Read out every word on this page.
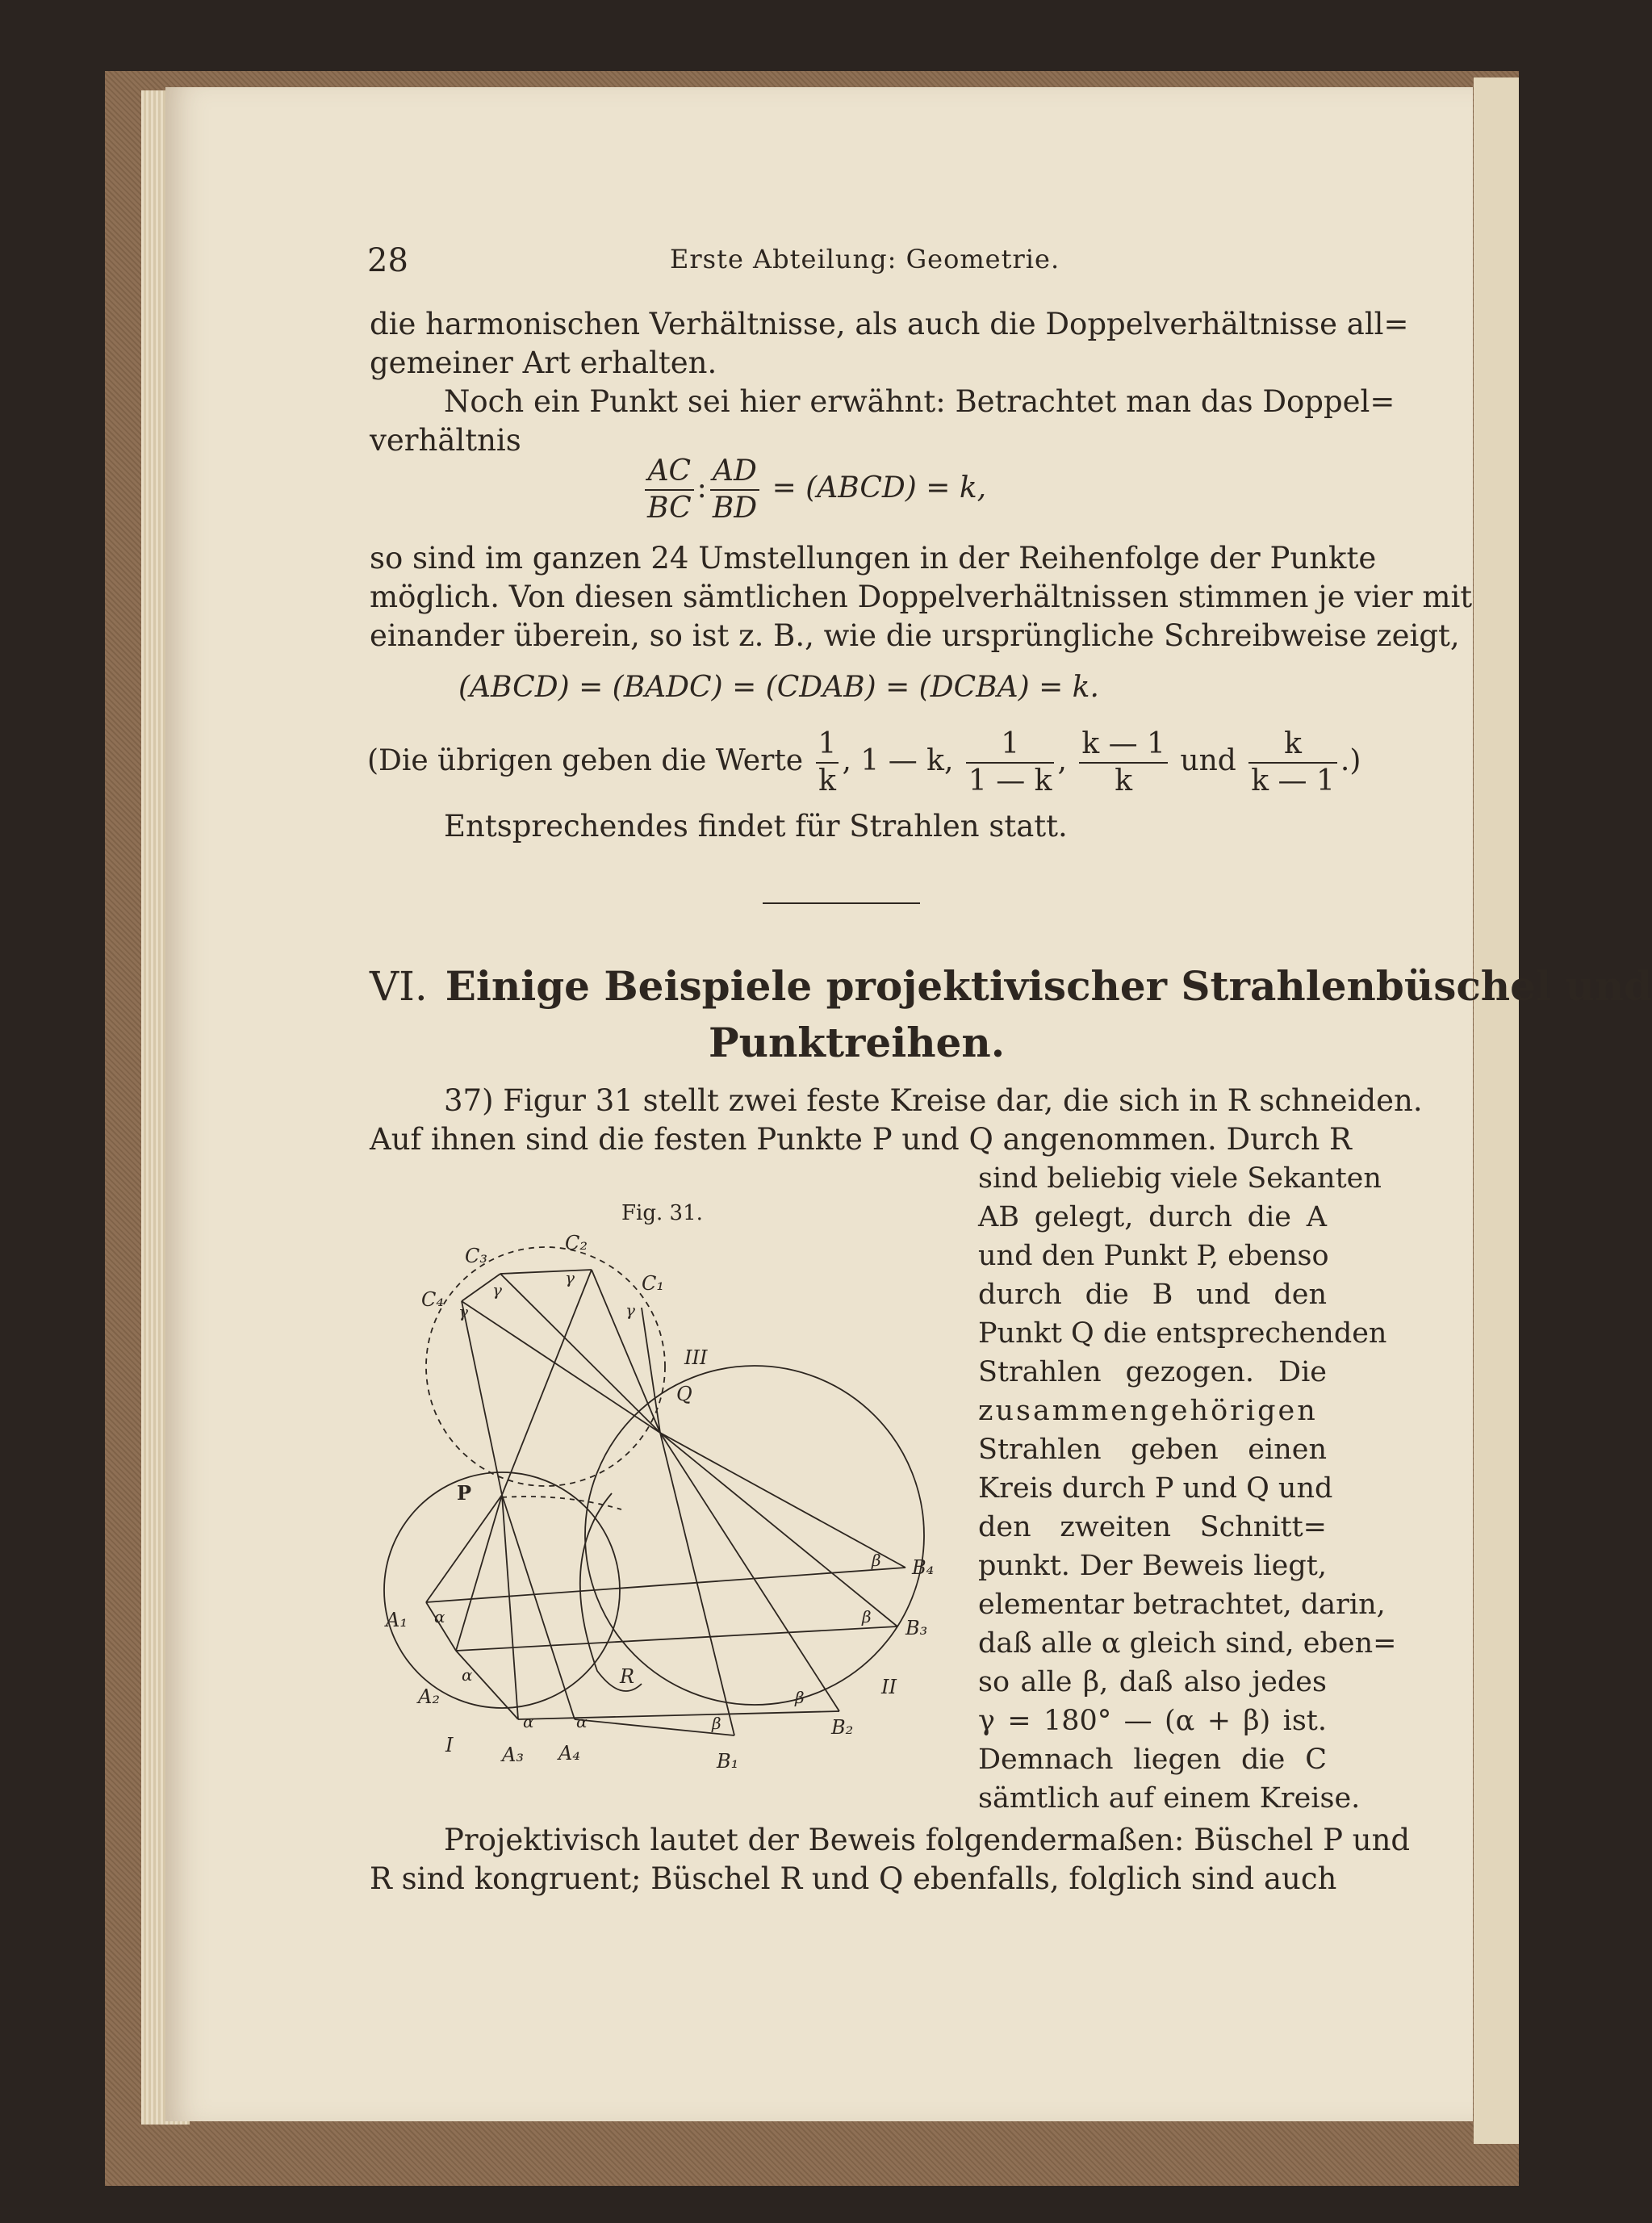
28	Erste Abteilung: Geometrie.
die harmonischen Verhältnisse, als auch die Doppelverhältnisse all=
gemeiner Art erhalten.
Noch ein Punkt sei hier erwähnt: Betrachtet man das Doppel=
verhältnis
$\frac{AC}{BC}$ : $\frac{AD}{BD}$ = (ABCD) = k,
so sind im ganzen 24 Umstellungen in der Reihenfolge der Punkte
möglich. Von diesen sämtlichen Doppelverhältnissen stimmen je vier mit
einander überein, so ist z. B., wie die ursprüngliche Schreibweise zeigt,
(ABCD) = (BADC) = (CDAB) = (DCBA) = k.
(Die übrigen geben die Werte $\frac{1}{k}$ , 1 — k, $\frac{1}{1 — k}$ , $\frac{k — 1}{k}$ und $\frac{k}{k — 1}$ .)
Entsprechendes findet für Strahlen statt.
VI. Einige Beispiele projektivischer Strahlenbüschel und
Punktreihen.
37) Figur 31 stellt zwei feste Kreise dar, die sich in R schneiden.
Auf ihnen sind die festen Punkte P und Q angenommen. Durch R
sind beliebig viele Sekanten
AB gelegt, durch die A
und den Punkt P, ebenso
durch die B und den
Punkt Q die entsprechenden
Strahlen gezogen. Die
zusammengehörigen
Strahlen geben einen
Kreis durch P und Q und
den zweiten Schnitt=
punkt. Der Beweis liegt,
elementar betrachtet, darin,
daß alle α gleich sind, eben=
so alle β, daß also jedes
γ = 180° — (α + β) ist.
Demnach liegen die C
sämtlich auf einem Kreise.
Projektivisch lautet der Beweis folgendermaßen: Büschel P und
R sind kongruent; Büschel R und Q ebenfalls, folglich sind auch
Fig. 31.
C₂
C₃
C₄
C₁
III
Q
P
R
A₁
A₂
A₃ A₄
I
B₁
B₂
B₃
B₄
II
α
α
α	α
β
β
β
β
γ
γ
γ	γ
